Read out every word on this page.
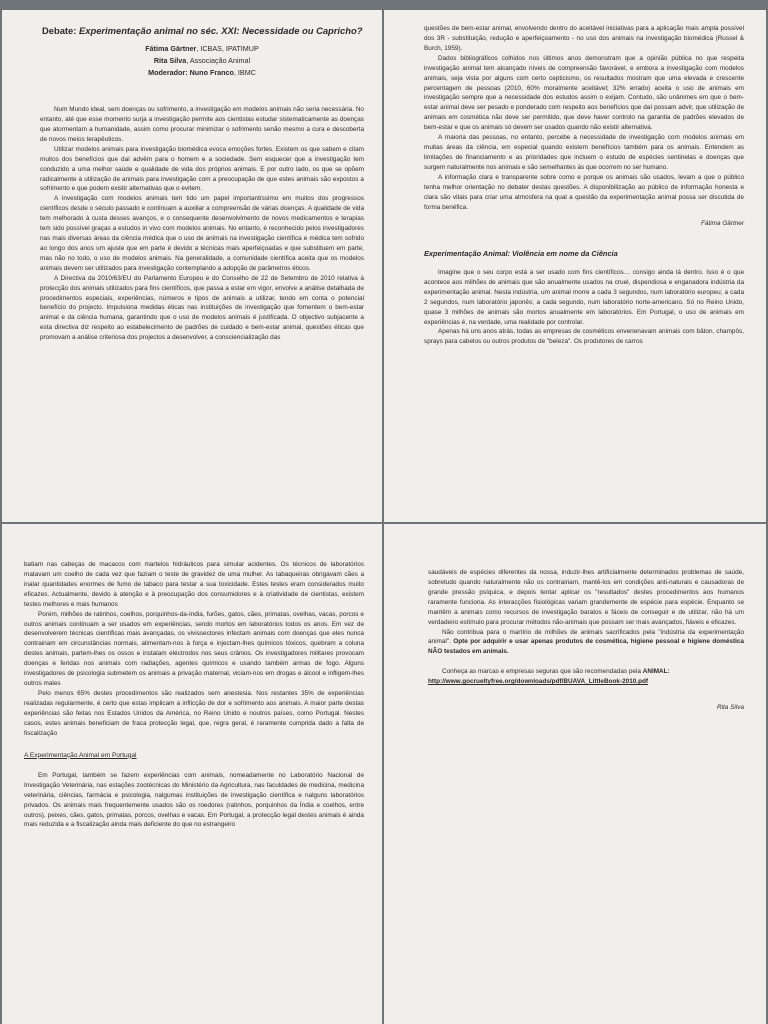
Debate: Experimentação animal no séc. XXI: Necessidade ou Capricho?
Fátima Gärtner, ICBAS, IPATIMUP
Rita Silva, Associação Animal
Moderador: Nuno Franco, IBMC

Num Mundo ideal, sem doenças ou sofrimento, a investigação em modelos animais não seria necessária. No entanto, até que esse momento surja a investigação permite aos cientistas estudar sistematicamente as doenças que atormentam a humanidade, assim como procurar minimizar o sofrimento senão mesmo a cura e descoberta de novos meios terapêuticos.

Utilizar modelos animais para investigação biomédica evoca emoções fortes. Existem os que sabem e citam muitos dos benefícios que daí advêm para o homem e a sociedade. Sem esquecer que a investigação tem conduzido a uma melhor saúde e qualidade de vida dos próprios animais. E por outro lado, os que se opõem radicalmente à utilização de animais para investigação com a preocupação de que estes animais são expostos a sofrimento e que podem existir alternativas que o evitem.

A investigação com modelos animais tem tido um papel importantíssimo em muitos dos progressos científicos desde o século passado e continuam a auxiliar a compreensão de várias doenças. A qualidade de vida tem melhorado à custa desses avanços, e o consequente desenvolvimento de novos medicamentos e terapias tem sido possível graças a estudos in vivo com modelos animais. No entanto, é reconhecido pelos investigadores nas mais diversas áreas da ciência médica que o uso de animais na investigação científica e médica tem sofrido ao longo dos anos um ajuste que em parte é devido a técnicas mais aperfeiçoadas e que substituem em parte, mas não no todo, o uso de modelos animais. Na generalidade, a comunidade científica aceita que os modelos animais devem ser utilizados para investigação contemplando a adopção de parâmetros éticos.

A Directiva da 2010/63/EU do Parlamento Europeu e do Conselho de 22 de Setembro de 2010 relativa à protecção dos animais utilizados para fins científicos, que passa a estar em vigor, envolve a análise detalhada de procedimentos especiais, experiências, números e tipos de animais a utilizar, tendo em conta o potencial benefício do projecto. Impulsiona medidas éticas nas instituições de investigação que fomentem o bem-estar animal e da ciência humana, garantindo que o uso de modelos animais é justificada. O objectivo subjacente a esta directiva diz respeito ao estabelecimento de padrões de cuidado e bem-estar animal, questões éticas que promovam a análise criteriosa dos projectos a desenvolver, a consciencialização das

questões de bem-estar animal, envolvendo dentro do aceitável iniciativas para a aplicação mais ampla possível dos 3R - substituição, redução e aperfeiçoamento - no uso dos animais na investigação biomédica (Russel & Burch, 1959).

Dados bibliográficos colhidos nos últimos anos demonstram que a opinião pública no que respeita investigação animal tem alcançado níveis de compreensão favorável, e embora a investigação com modelos animais, seja vista por alguns com certo cepticismo, os resultados mostram que uma elevada e crescente percentagem de pessoas (2010, 60% moralmente aceitável; 32% errado) aceita o uso de animais em investigação sempre que a necessidade dos estudos assim o exijam. Contudo, são unânimes em que o bem-estar animal deve ser pesado e ponderado com respeito aos benefícios que daí possam advir, que utilização de animais em cosmética não deve ser permitido, que deve haver controlo na garantia de padrões elevados de bem-estar e que os animais só devem ser usados quando não existir alternativa.

A maioria das pessoas, no entanto, percebe a necessidade de investigação com modelos animais em muitas áreas da ciência, em especial quando existem benefícios também para os animais. Entendem as limitações de financiamento e as prioridades que incluem o estudo de espécies sentinelas e doenças que surgem naturalmente nos animais e são semelhantes às que ocorrem no ser humano.

A informação clara e transparente sobre como e porque os animais são usados, levam a que o público tenha melhor orientação no debater destas questões. A disponibilização ao público de informação honesta e clara são vitais para criar uma atmosfera na qual a questão da experimentação animal possa ser discutida de forma benéfica.

Fátima Gärtner
Experimentação Animal: Violência em nome da Ciência

Imagine que o seu corpo está a ser usado com fins científicos… consigo ainda lá dentro. Isso é o que acontece aos milhões de animais que são anualmente usados na cruel, dispendiosa e enganadora indústria da experimentação animal. Nesta indústria, um animal morre a cada 3 segundos, num laboratório europeu; a cada 2 segundos, num laboratório japonês; a cada segundo, num laboratório norte-americano. Só no Reino Unido, quase 3 milhões de animais são mortos anualmente em laboratórios. Em Portugal, o uso de animais em experiências é, na verdade, uma realidade por controlar.

Apenas há uns anos atrás, todas as empresas de cosméticos envenenavam animais com bâton, champôs, sprays para cabelos ou outros produtos de "beleza". Os produtores de carros

batiam nas cabeças de macacos com martelos hidráulicos para simular acidentes. Os técnicos de laboratórios matavam um coelho de cada vez que faziam o teste de gravidez de uma mulher. As tabaqueiras obrigavam cães a inalar quantidades enormes de fumo de tabaco para testar a sua toxicidade. Estes testes eram considerados muito eficazes. Actualmente, devido à atenção e à preocupação dos consumidores e à criatividade de cientistas, existem testes melhores e mais humanos

Porém, milhões de ratinhos, coelhos, porquinhos-da-índia, furões, gatos, cães, primatas, ovelhas, vacas, porcos e outros animais continuam a ser usados em experiências, sendo mortos em laboratórios todos os anos. Em vez de desenvolverem técnicas científicas mais avançadas, os vivissectores infectam animais com doenças que eles nunca contrairiam em circunstâncias normais, alimentam-nos à força e injectam-lhes químicos tóxicos, quebram a coluna destes animais, partem-lhes os ossos e instalam eléctrodos nos seus crânios. Os investigadores militares provocam doenças e feridas nos animais com radiações, agentes químicos e usando também armas de fogo. Alguns investigadores de psicologia submetem os animais a privação maternal, viciam-nos em drogas e álcool e infligem-lhes outros males

Pelo menos 65% destes procedimentos são realizados sem anestesia. Nos restantes 35% de experiências realizadas regularmente, é certo que estas implicam a inflicção de dor e sofrimento aos animais. A maior parte destas experiências são feitas nos Estados Unidos da América, no Reino Unido e noutros países, como Portugal. Nestes casos, estes animais beneficiam de fraca protecção legal, que, regra geral, é raramente cumprida dado a falta de fiscalização

A Experimentação Animal em Portugal

Em Portugal, também se fazem experiências com animais, nomeadamente no Laboratório Nacional de Investigação Veterinária, nas estações zootécnicas do Ministério da Agricultura, nas faculdades de medicina, medicina veterinária, ciências, farmácia e psicologia, nalgumas instituições de investigação científica e nalguns laboratórios privados. Os animais mais frequentemente usados são os roedores (ratinhos, porquinhos da Índia e coelhos, entre outros), peixes, cães, gatos, primatas, porcos, ovelhas e vacas. Em Portugal, a protecção legal destes animais é ainda mais reduzida e a fiscalização ainda mais deficiente do que no estrangeiro

saudáveis de espécies diferentes da nossa, induzir-lhes artificialmente determinados problemas de saúde, sobretudo quando naturalmente não os contrairiam, mantê-los em condições anti-naturais e causadoras de grande pressão psíquica, e depois tentar aplicar os "resultados" destes procedimentos aos humanos raramente funciona. As interacções fisiológicas variam grandemente de espécie para espécie. Enquanto se mantêm a animais como recursos de investigação baratos e fáceis de conseguir e de utilizar, não há um verdadeiro estímulo para procurar métodos não-animais que possam ser mais avançados, fiáveis e eficazes.

Não contribua para o martírio de milhões de animais sacrificados pela "indústria da experimentação animal". Opte por adquirir e usar apenas produtos de cosmética, higiene pessoal e higiene doméstica NÃO testados em animais.

Conheça as marcas e empresas seguras que são recomendadas pela ANIMAL:

http://www.gocrueltyfree.org/downloads/pdf/BUAVA_LittleBook-2010.pdf

Rita Silva
